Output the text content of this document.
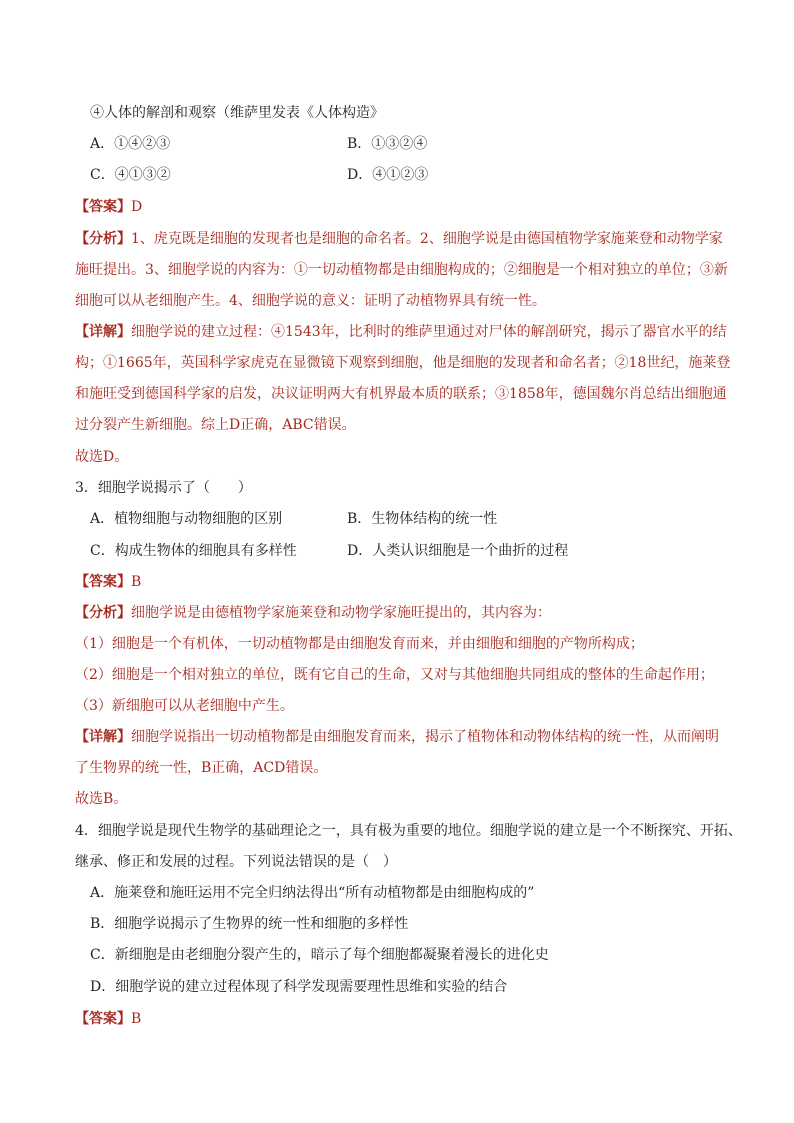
④人体的解剖和观察（维萨里发表《人体构造》
A．①④②③	B．①③②④
C．④①③②	D．④①②③
【答案】D
【分析】1、虎克既是细胞的发现者也是细胞的命名者。2、细胞学说是由德国植物学家施莱登和动物学家
施旺提出。3、细胞学说的内容为：①一切动植物都是由细胞构成的；②细胞是一个相对独立的单位；③新
细胞可以从老细胞产生。4、细胞学说的意义：证明了动植物界具有统一性。
【详解】细胞学说的建立过程：④1543年，比利时的维萨里通过对尸体的解剖研究，揭示了器官水平的结
构；①1665年，英国科学家虎克在显微镜下观察到细胞，他是细胞的发现者和命名者；②18世纪，施莱登
和施旺受到德国科学家的启发，决议证明两大有机界最本质的联系；③1858年，德国魏尔肖总结出细胞通
过分裂产生新细胞。综上D正确，ABC错误。
故选D。
3．细胞学说揭示了（　　）
A．植物细胞与动物细胞的区别	B．生物体结构的统一性
C．构成生物体的细胞具有多样性	D．人类认识细胞是一个曲折的过程
【答案】B
【分析】细胞学说是由德植物学家施莱登和动物学家施旺提出的，其内容为：
（1）细胞是一个有机体，一切动植物都是由细胞发育而来，并由细胞和细胞的产物所构成；
（2）细胞是一个相对独立的单位，既有它自己的生命，又对与其他细胞共同组成的整体的生命起作用；
（3）新细胞可以从老细胞中产生。
【详解】细胞学说指出一切动植物都是由细胞发育而来，揭示了植物体和动物体结构的统一性，从而阐明
了生物界的统一性，B正确，ACD错误。
故选B。
4．细胞学说是现代生物学的基础理论之一，具有极为重要的地位。细胞学说的建立是一个不断探究、开拓、
继承、修正和发展的过程。下列说法错误的是（　）
A．施莱登和施旺运用不完全归纳法得出“所有动植物都是由细胞构成的”
B．细胞学说揭示了生物界的统一性和细胞的多样性
C．新细胞是由老细胞分裂产生的，暗示了每个细胞都凝聚着漫长的进化史
D．细胞学说的建立过程体现了科学发现需要理性思维和实验的结合
【答案】B
